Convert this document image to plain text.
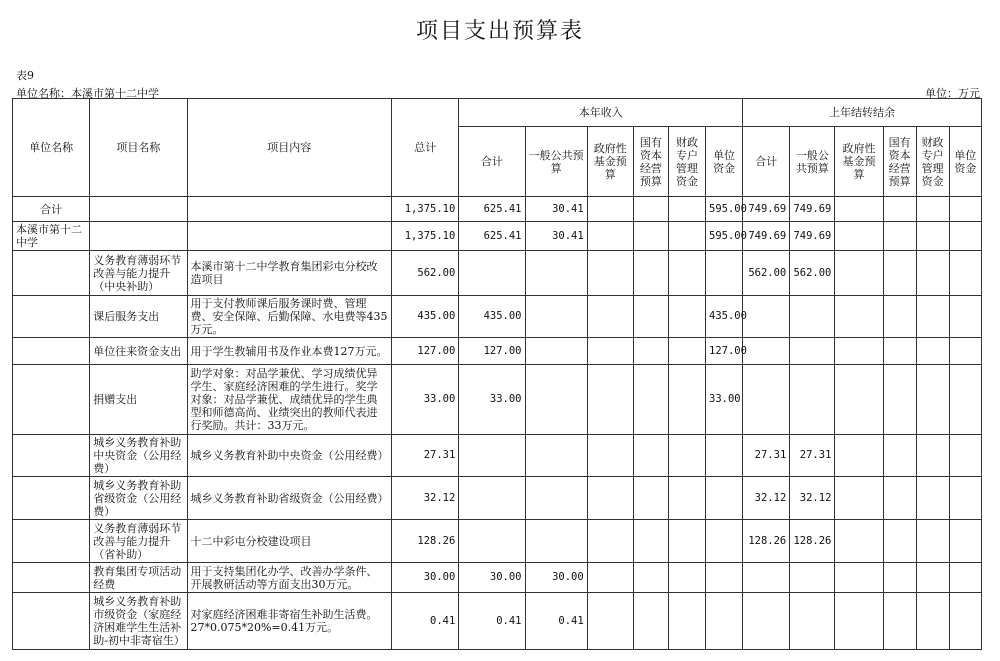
项目支出预算表
表9
单位名称：本溪市第十二中学	单位：万元
单位名称	项目名称	项目内容	总计	本年收入						上年结转结余					
				合计	一般公共预算	政府性基金预算	国有资本经营预算	财政专户管理资金	单位资金	合计	一般公共预算	政府性基金预算	国有资本经营预算	财政专户管理资金	单位资金
合计			1,375.10	625.41	30.41				595.00	749.69	749.69				
本溪市第十二中学			1,375.10	625.41	30.41				595.00	749.69	749.69				
	义务教育薄弱环节改善与能力提升（中央补助）	本溪市第十二中学教育集团彩屯分校改造项目	562.00							562.00	562.00				
	课后服务支出	用于支付教师课后服务课时费、管理费、安全保障、后勤保障、水电费等435万元。	435.00	435.00					435.00						
	单位往来资金支出	用于学生教辅用书及作业本费127万元。	127.00	127.00					127.00						
	捐赠支出	助学对象：对品学兼优、学习成绩优异学生、家庭经济困难的学生进行。奖学对象：对品学兼优、成绩优异的学生典型和师德高尚、业绩突出的教师代表进行奖励。共计：33万元。	33.00	33.00					33.00						
	城乡义务教育补助中央资金（公用经费）	城乡义务教育补助中央资金（公用经费）	27.31							27.31	27.31				
	城乡义务教育补助省级资金（公用经费）	城乡义务教育补助省级资金（公用经费）	32.12							32.12	32.12				
	义务教育薄弱环节改善与能力提升（省补助）	十二中彩屯分校建设项目	128.26							128.26	128.26				
	教育集团专项活动经费	用于支持集团化办学、改善办学条件、开展教研活动等方面支出30万元。	30.00	30.00	30.00										
	城乡义务教育补助市级资金（家庭经济困难学生生活补助-初中非寄宿生）	对家庭经济困难非寄宿生补助生活费。27*0.075*20%=0.41万元。	0.41	0.41	0.41										
